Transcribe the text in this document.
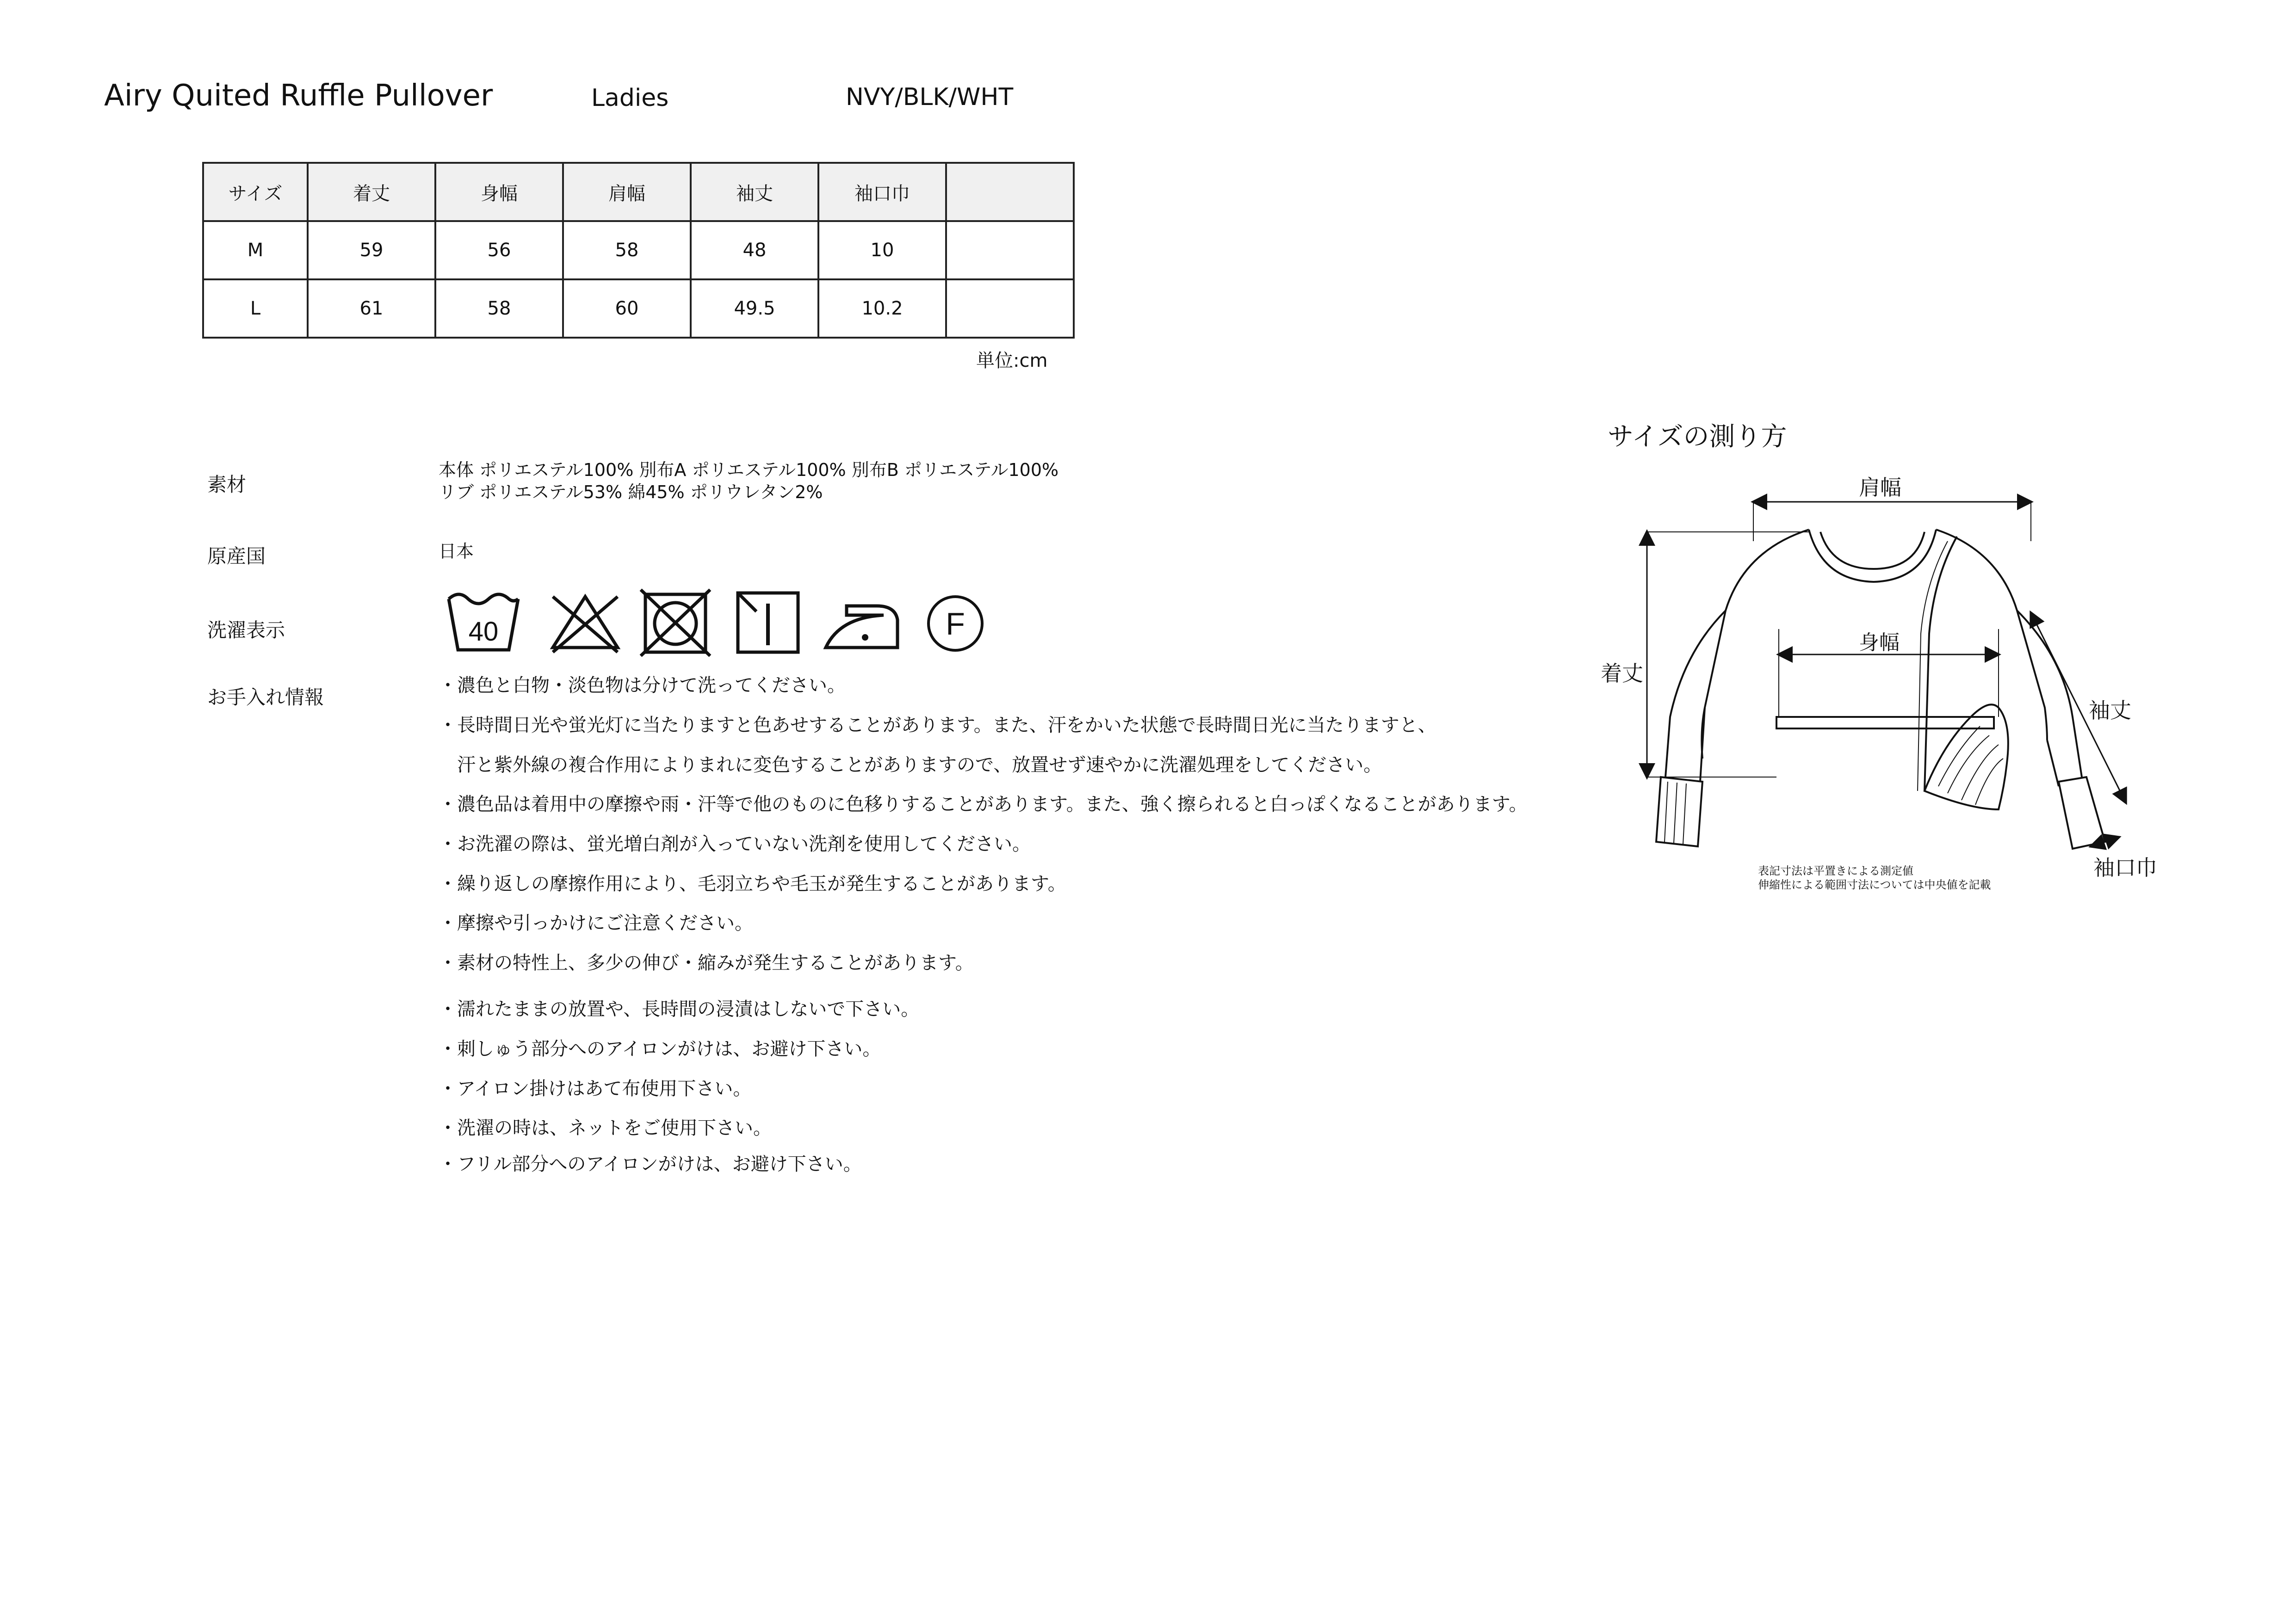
Airy Quited Ruffle Pullover	Ladies	NVY/BLK/WHT
サイズ	着丈	身幅	肩幅	袖丈	袖口巾	
M	59	56	58	48	10	
L	61	58	60	49.5	10.2	
単位:cm
素材
本体 ポリエステル100% 別布A ポリエステル100% 別布B ポリエステル100%
リブ ポリエステル53% 綿45% ポリウレタン2%
原産国	日本
洗濯表示	40	F
お手入れ情報
・濃色と白物・淡色物は分けて洗ってください。
・長時間日光や蛍光灯に当たりますと色あせすることがあります。また、汗をかいた状態で長時間日光に当たりますと、
　汗と紫外線の複合作用によりまれに変色することがありますので、放置せず速やかに洗濯処理をしてください。
・濃色品は着用中の摩擦や雨・汗等で他のものに色移りすることがあります。また、強く擦られると白っぽくなることがあります。
・お洗濯の際は、蛍光増白剤が入っていない洗剤を使用してください。
・繰り返しの摩擦作用により、毛羽立ちや毛玉が発生することがあります。
・摩擦や引っかけにご注意ください。
・素材の特性上、多少の伸び・縮みが発生することがあります。
・濡れたままの放置や、長時間の浸漬はしないで下さい。
・刺しゅう部分へのアイロンがけは、お避け下さい。
・アイロン掛けはあて布使用下さい。
・洗濯の時は、ネットをご使用下さい。
・フリル部分へのアイロンがけは、お避け下さい。
サイズの測り方
肩幅
身幅
着丈
袖丈
袖口巾
表記寸法は平置きによる測定値
伸縮性による範囲寸法については中央値を記載
